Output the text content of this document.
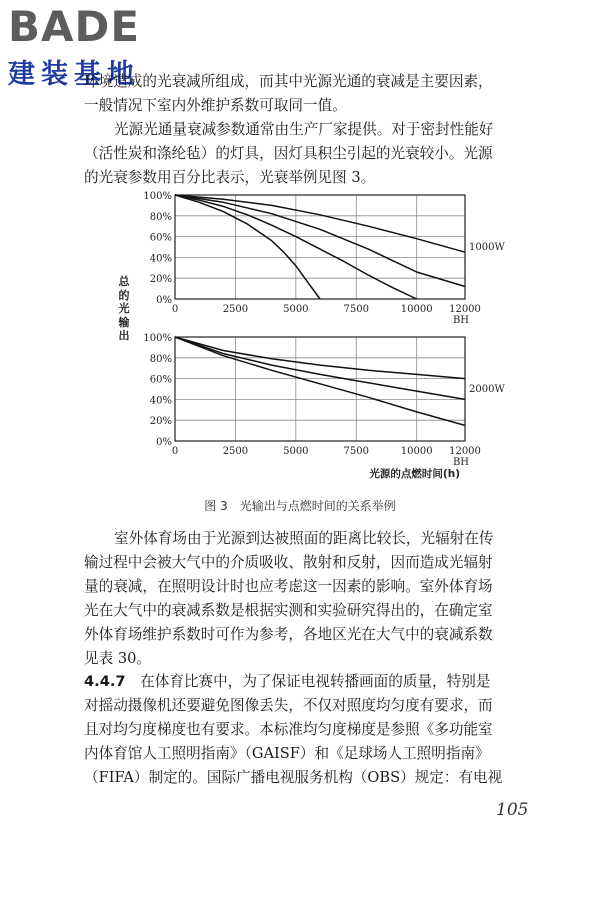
BADE
建装基地
环境造成的光衰减所组成，而其中光源光通的衰减是主要因素，
一般情况下室内外维护系数可取同一值。
光源光通量衰减参数通常由生产厂家提供。对于密封性能好
（活性炭和涤纶毡）的灯具，因灯具积尘引起的光衰较小。光源
的光衰参数用百分比表示，光衰举例见图 3。
总的光输出
0%
20%
40%
60%
80%
100%
0	2500	5000	7500	10000 12000
BH
1000W
0%
20%
40%
60%
80%
100%
0	2500	5000	7500	10000 12000
BH
2000W
光源的点燃时间(h)
图 3　光输出与点燃时间的关系举例
室外体育场由于光源到达被照面的距离比较长，光辐射在传
输过程中会被大气中的介质吸收、散射和反射，因而造成光辐射
量的衰减，在照明设计时也应考虑这一因素的影响。室外体育场
光在大气中的衰减系数是根据实测和实验研究得出的，在确定室
外体育场维护系数时可作为参考，各地区光在大气中的衰减系数
见表 30。
4.4.7　 在体育比赛中，为了保证电视转播画面的质量，特别是
对摇动摄像机还要避免图像丢失，不仅对照度均匀度有要求，而
且对均匀度梯度也有要求。本标准均匀度梯度是参照《多功能室
内体育馆人工照明指南》（GAISF）和《足球场人工照明指南》
（FIFA）制定的。国际广播电视服务机构（OBS）规定：有电视
105
